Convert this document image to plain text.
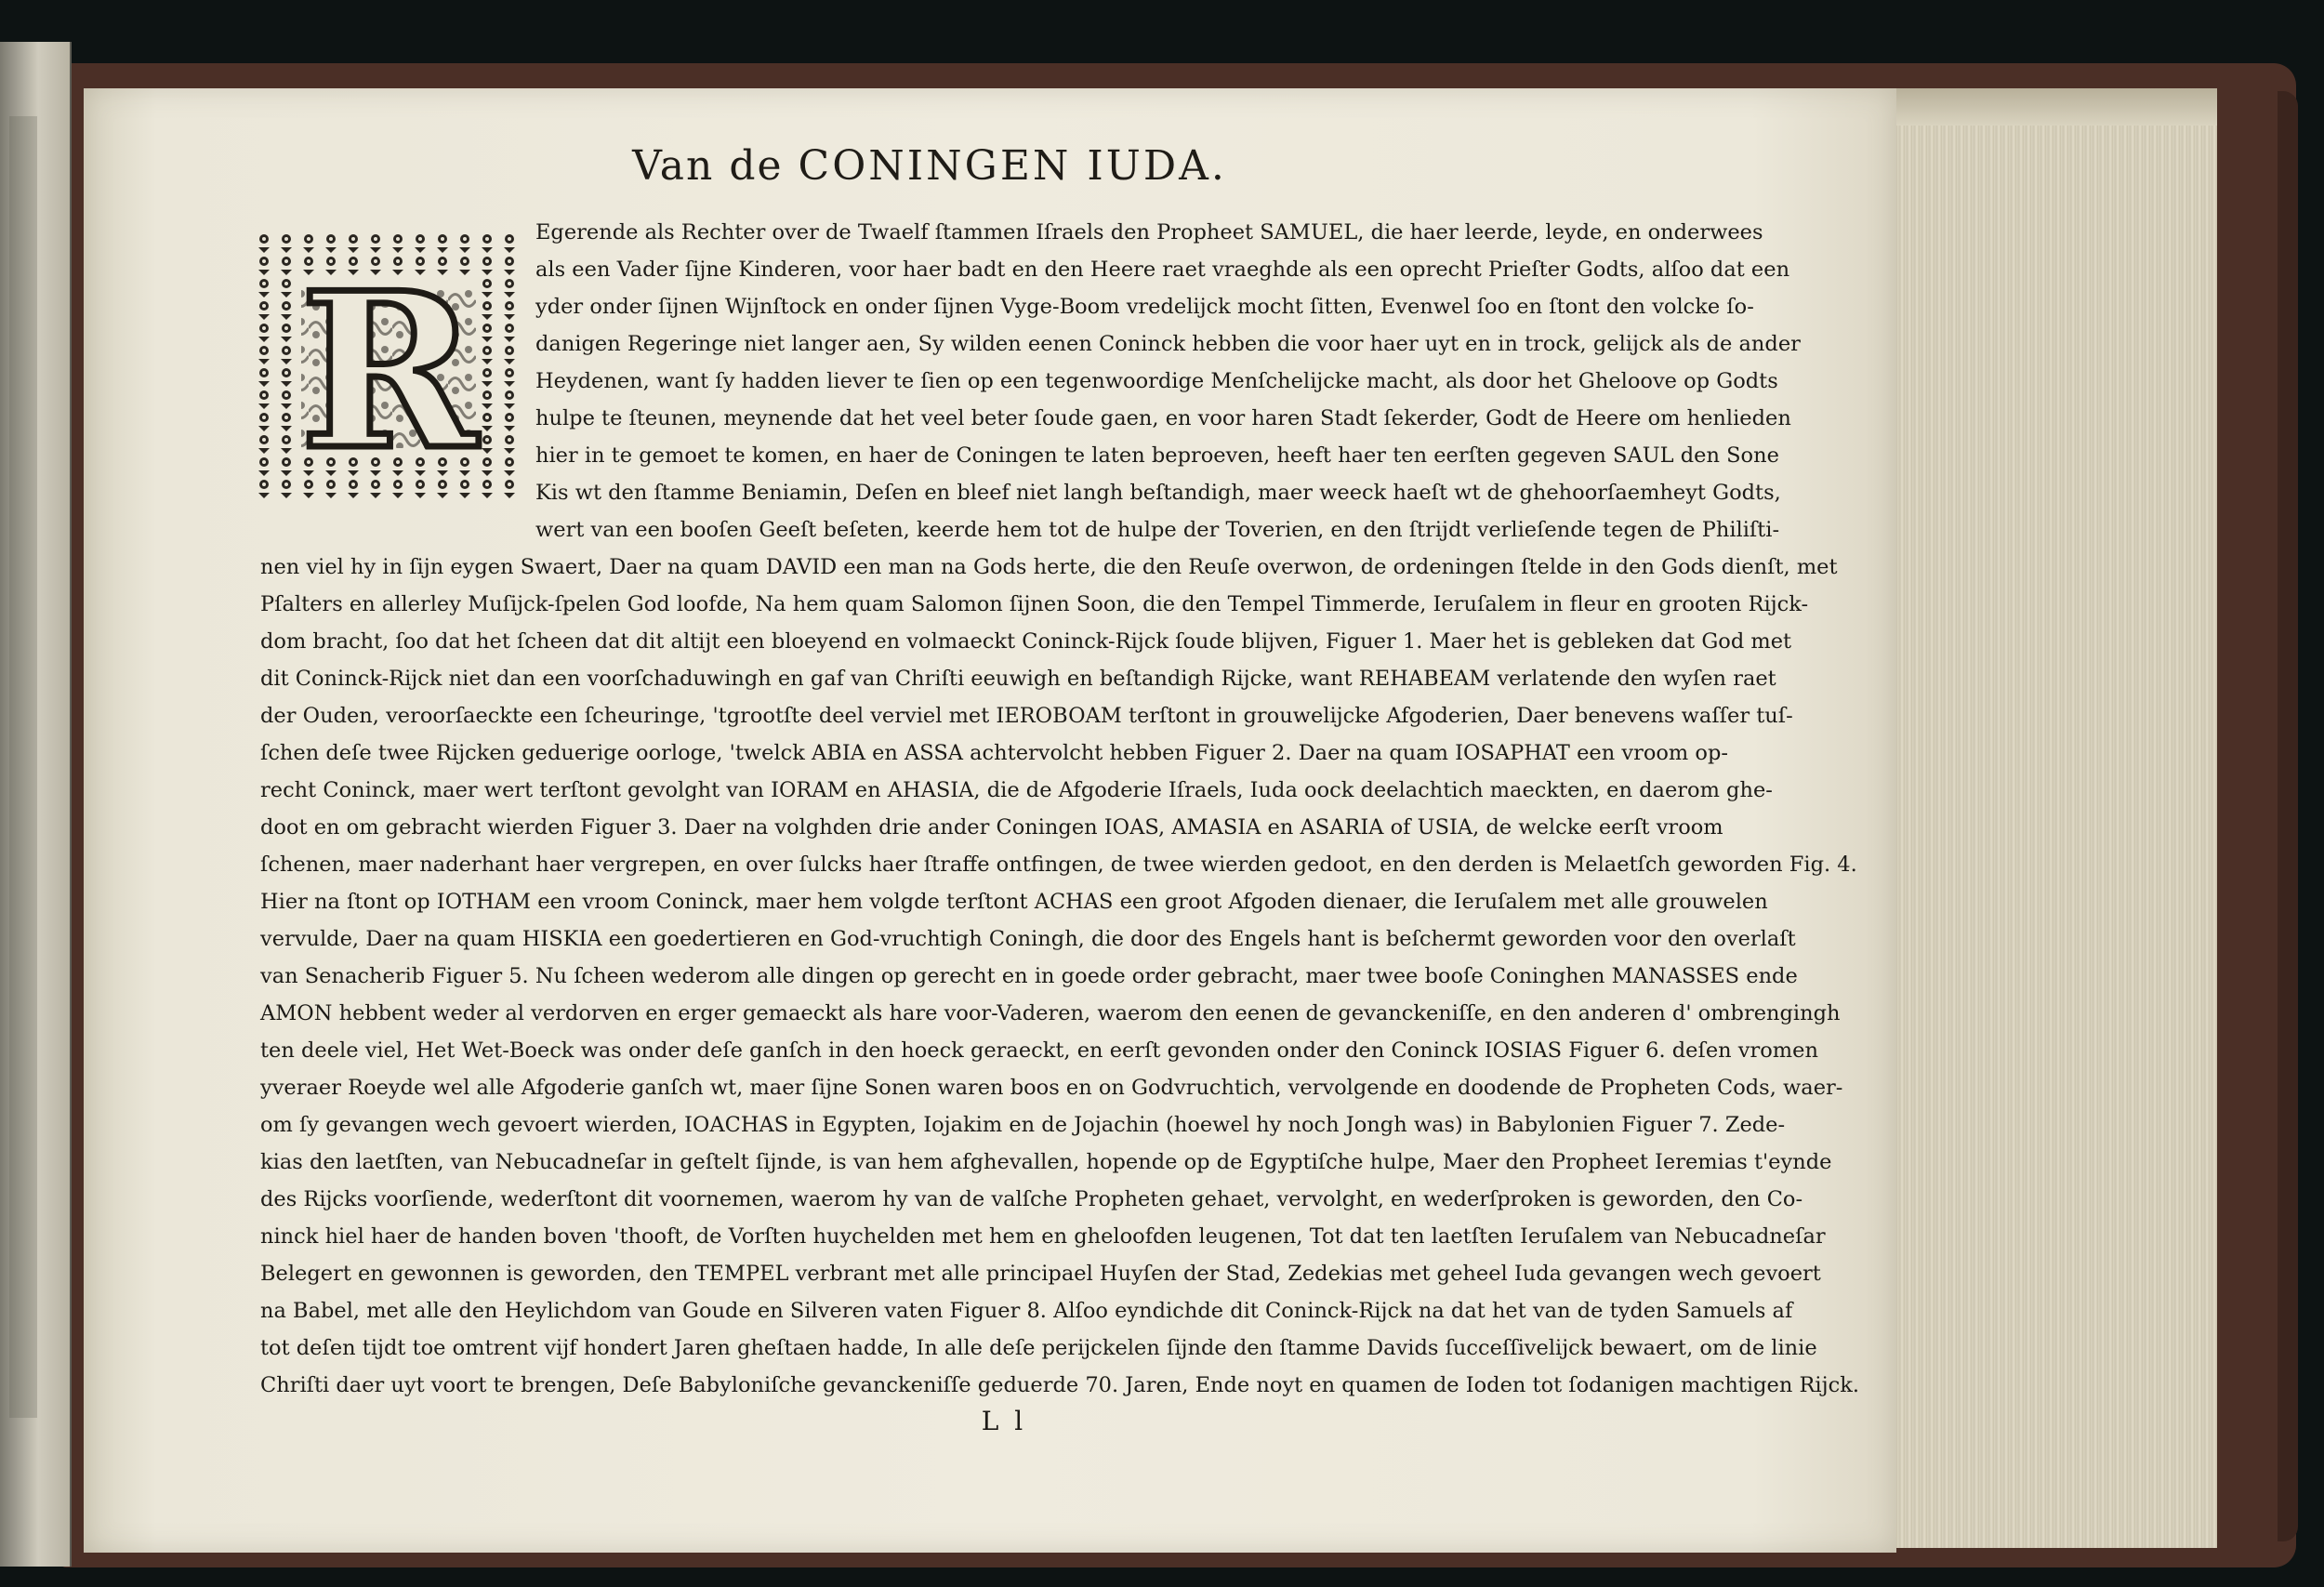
Van de CONINGEN IUDA.
R

Egerende als Rechter over de Twaelf ſtammen Iſraels den Propheet SAMUEL, die haer leerde, leyde, en onderwees

als een Vader ſijne Kinderen, voor haer badt en den Heere raet vraeghde als een oprecht Prieſter Godts, alſoo dat een

yder onder ſijnen Wijnſtock en onder ſijnen Vyge-Boom vredelijck mocht ſitten, Evenwel ſoo en ſtont den volcke ſo-

danigen Regeringe niet langer aen, Sy wilden eenen Coninck hebben die voor haer uyt en in trock, gelijck als de ander

Heydenen, want ſy hadden liever te ſien op een tegenwoordige Menſchelijcke macht, als door het Gheloove op Godts

hulpe te ſteunen, meynende dat het veel beter ſoude gaen, en voor haren Stadt ſekerder, Godt de Heere om henlieden

hier in te gemoet te komen, en haer de Coningen te laten beproeven, heeft haer ten eerſten gegeven SAUL den Sone

Kis wt den ſtamme Beniamin, Deſen en bleef niet langh beſtandigh, maer weeck haeſt wt de ghehoorſaemheyt Godts,

wert van een booſen Geeſt beſeten, keerde hem tot de hulpe der Toverien, en den ſtrijdt verlieſende tegen de Philiſti-

nen viel hy in ſijn eygen Swaert, Daer na quam DAVID een man na Gods herte, die den Reuſe overwon, de ordeningen ſtelde in den Gods dienſt, met

Pſalters en allerley Muſijck-ſpelen God loofde, Na hem quam Salomon ſijnen Soon, die den Tempel Timmerde, Ieruſalem in fleur en grooten Rijck-

dom bracht, ſoo dat het ſcheen dat dit altijt een bloeyend en volmaeckt Coninck-Rijck ſoude blijven, Figuer 1. Maer het is gebleken dat God met

dit Coninck-Rijck niet dan een voorſchaduwingh en gaf van Chriſti eeuwigh en beſtandigh Rijcke, want REHABEAM verlatende den wyſen raet

der Ouden, veroorſaeckte een ſcheuringe, 'tgrootſte deel verviel met IEROBOAM terſtont in grouwelijcke Afgoderien, Daer benevens waſſer tuſ-

ſchen deſe twee Rijcken geduerige oorloge, 'twelck ABIA en ASSA achtervolcht hebben Figuer 2. Daer na quam IOSAPHAT een vroom op-

recht Coninck, maer wert terſtont gevolght van IORAM en AHASIA, die de Afgoderie Iſraels, Iuda oock deelachtich maeckten, en daerom ghe-

doot en om gebracht wierden Figuer 3. Daer na volghden drie ander Coningen IOAS, AMASIA en ASARIA of USIA, de welcke eerſt vroom

ſchenen, maer naderhant haer vergrepen, en over ſulcks haer ſtraffe ontfingen, de twee wierden gedoot, en den derden is Melaetſch geworden Fig. 4.

Hier na ſtont op IOTHAM een vroom Coninck, maer hem volgde terſtont ACHAS een groot Afgoden dienaer, die Ieruſalem met alle grouwelen

vervulde, Daer na quam HISKIA een goedertieren en God-vruchtigh Coningh, die door des Engels hant is beſchermt geworden voor den overlaſt

van Senacherib Figuer 5. Nu ſcheen wederom alle dingen op gerecht en in goede order gebracht, maer twee booſe Coninghen MANASSES ende

AMON hebbent weder al verdorven en erger gemaeckt als hare voor-Vaderen, waerom den eenen de gevanckeniſſe, en den anderen d' ombrengingh

ten deele viel, Het Wet-Boeck was onder deſe ganſch in den hoeck geraeckt, en eerſt gevonden onder den Coninck IOSIAS Figuer 6. deſen vromen

yveraer Roeyde wel alle Afgoderie ganſch wt, maer ſijne Sonen waren boos en on Godvruchtich, vervolgende en doodende de Propheten Cods, waer-

om ſy gevangen wech gevoert wierden, IOACHAS in Egypten, Iojakim en de Jojachin (hoewel hy noch Jongh was) in Babylonien Figuer 7. Zede-

kias den laetſten, van Nebucadneſar in geſtelt ſijnde, is van hem afghevallen, hopende op de Egyptiſche hulpe, Maer den Propheet Ieremias t'eynde

des Rijcks voorſiende, wederſtont dit voornemen, waerom hy van de valſche Propheten gehaet, vervolght, en wederſproken is geworden, den Co-

ninck hiel haer de handen boven 'thooft, de Vorſten huychelden met hem en gheloofden leugenen, Tot dat ten laetſten Ieruſalem van Nebucadneſar

Belegert en gewonnen is geworden, den TEMPEL verbrant met alle principael Huyſen der Stad, Zedekias met geheel Iuda gevangen wech gevoert

na Babel, met alle den Heylichdom van Goude en Silveren vaten Figuer 8. Alſoo eyndichde dit Coninck-Rijck na dat het van de tyden Samuels af

tot deſen tijdt toe omtrent vijf hondert Jaren gheſtaen hadde, In alle deſe perijckelen ſijnde den ſtamme Davids ſucceſſivelijck bewaert, om de linie

Chriſti daer uyt voort te brengen, Deſe Babyloniſche gevanckeniſſe geduerde 70. Jaren, Ende noyt en quamen de Ioden tot ſodanigen machtigen Rijck.

L l
